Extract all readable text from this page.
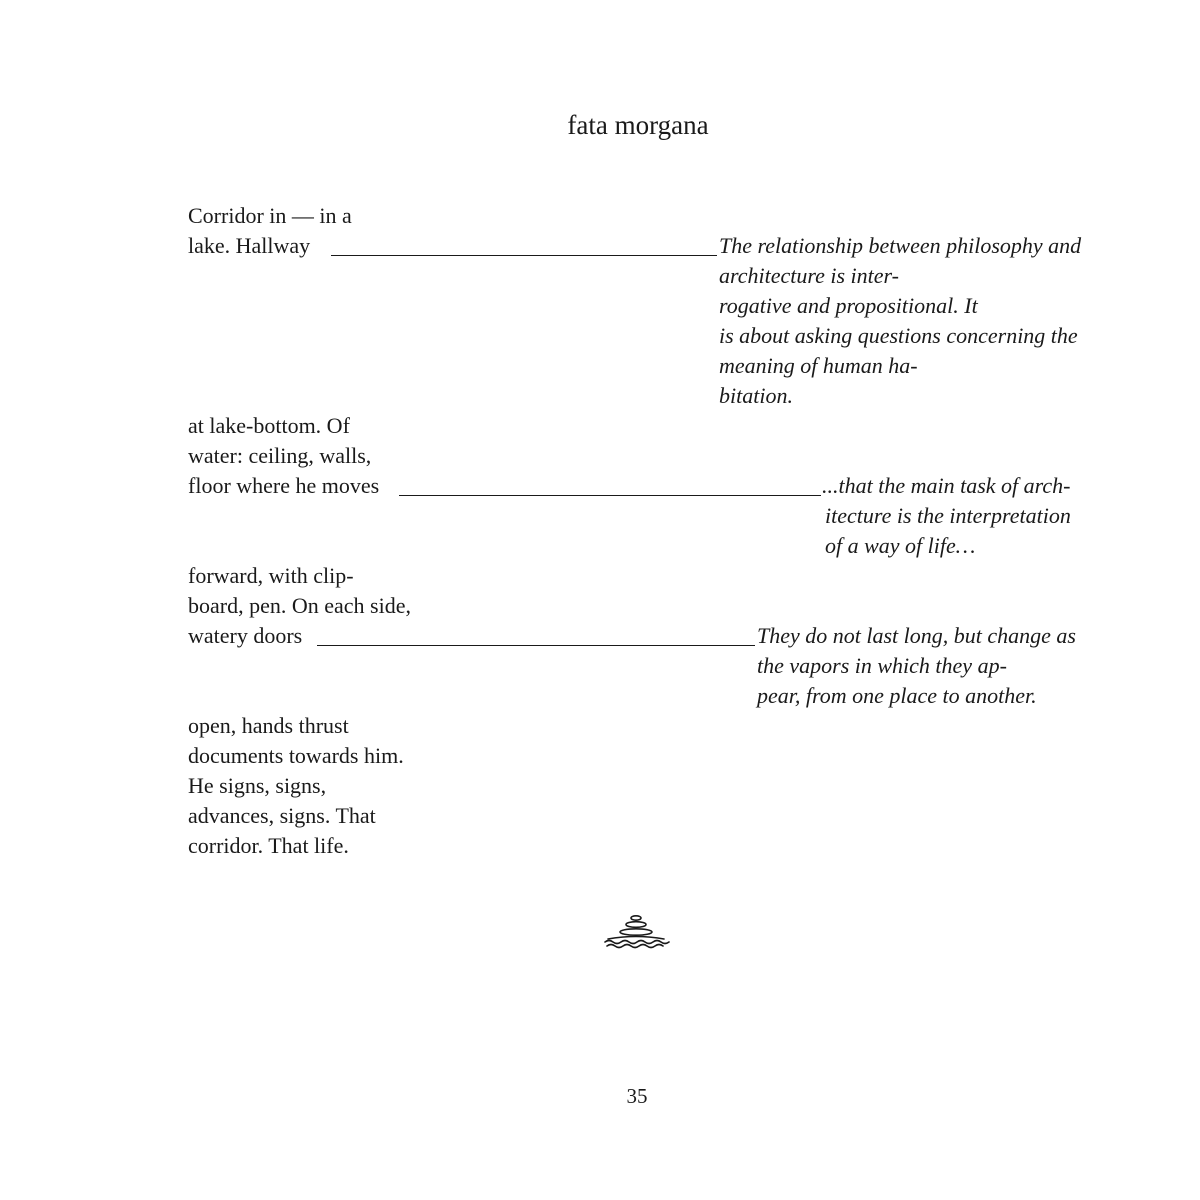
fata morgana
Corridor in — in a
lake. Hallway	The relationship between philosophy and
architecture is inter-
rogative and propositional. It
is about asking questions concerning the
meaning of human ha-
bitation.
at lake-bottom. Of
water: ceiling, walls,
floor where he moves	...that the main task of arch-
itecture is the interpretation
of a way of life…
forward, with clip-
board, pen. On each side,
watery doors	They do not last long, but change as
the vapors in which they ap-
pear, from one place to another.
open, hands thrust
documents towards him.
He signs, signs,
advances, signs. That
corridor. That life.
35
